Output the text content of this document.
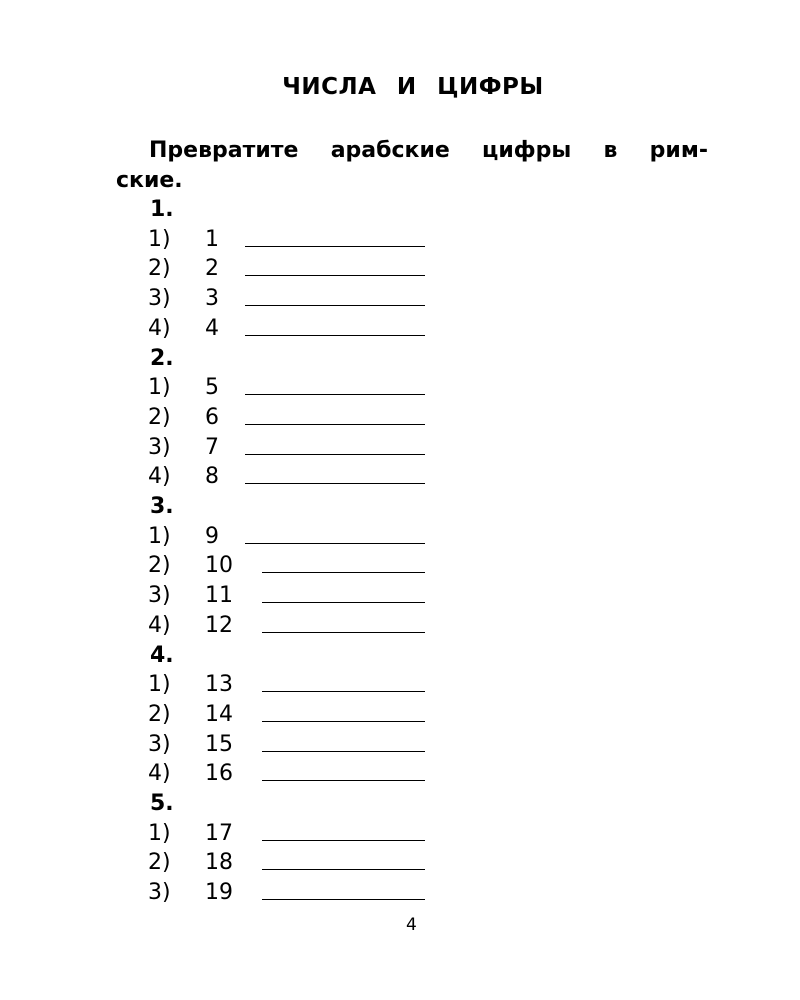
ЧИСЛА И ЦИФРЫ
Превратите арабские цифры в рим-
ские.
1.
1) 1
2) 2
3) 3
4) 4
2.
1) 5
2) 6
3) 7
4) 8
3.
1) 9
2) 10
3) 11
4) 12
4.
1) 13
2) 14
3) 15
4) 16
5.
1) 17
2) 18
3) 19
4
